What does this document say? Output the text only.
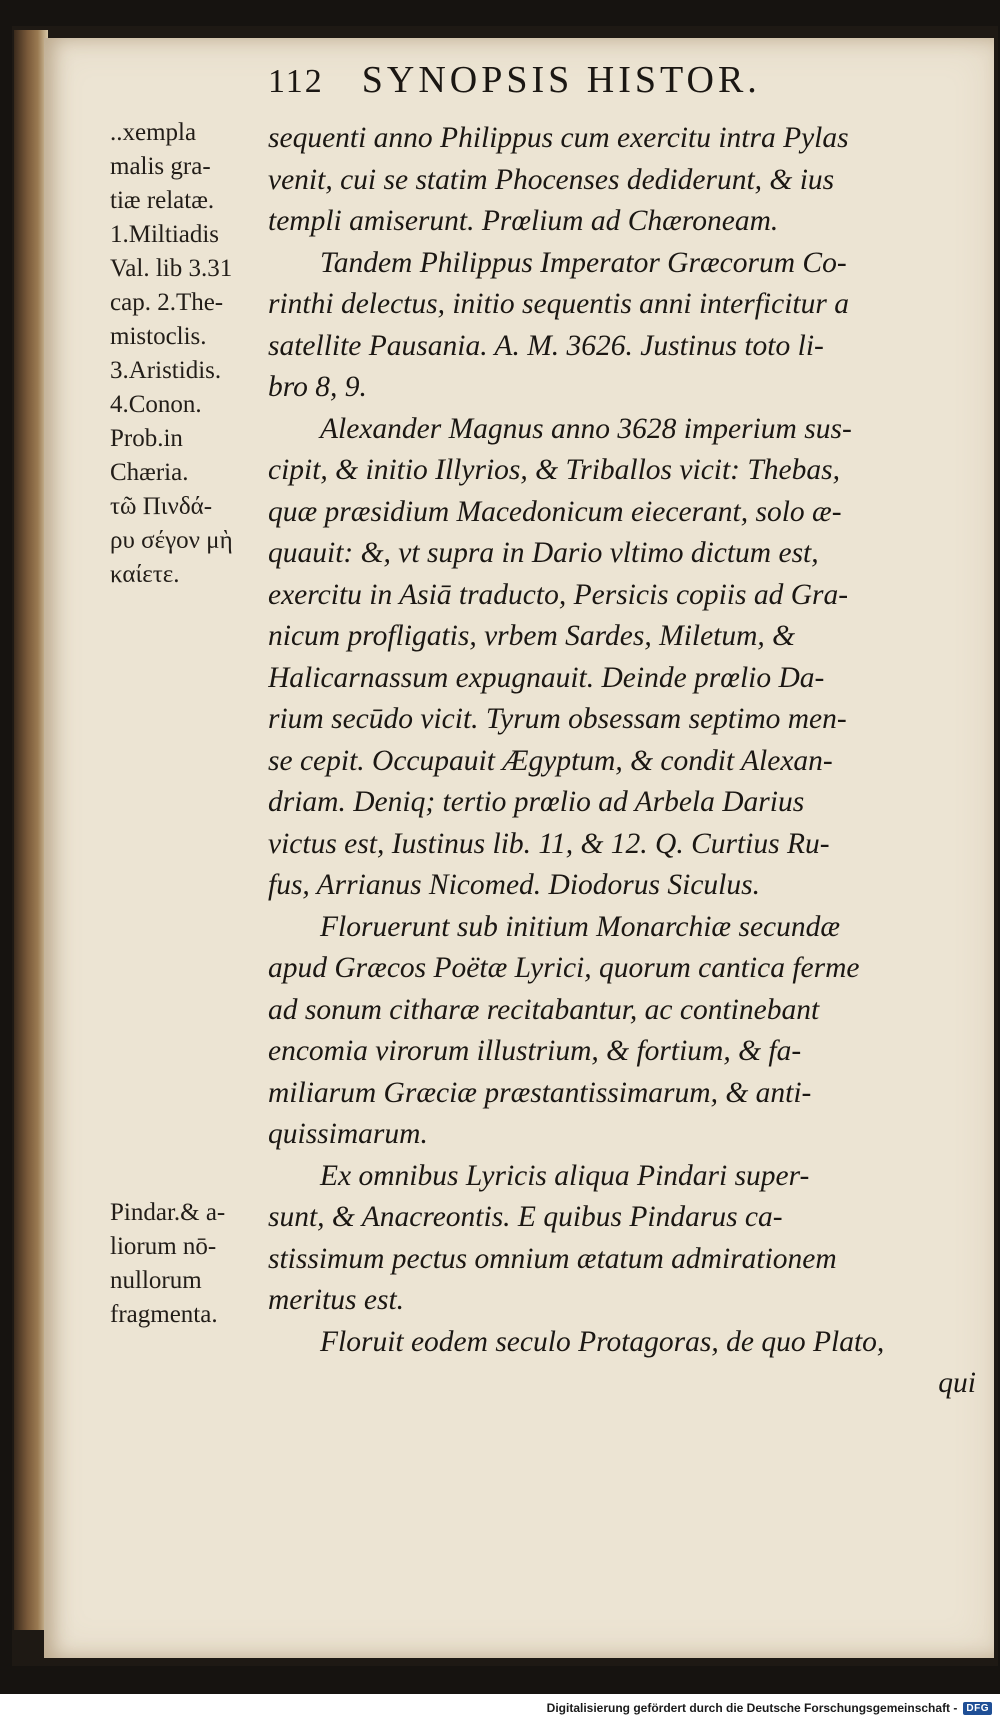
112 SYNOPSIS HISTOR.
..xempla
malis gra-
tiæ relatæ.
1.Miltiadis
Val. lib 3.31
cap. 2.The-
mistoclis.
3.Aristidis.
4.Conon.
Prob.in
Chæria.
τῶ Πινδά-
ρυ σέγον μὴ
καίετε.
Pindar.& a-
liorum nō-
nullorum
fragmenta.
sequenti anno Philippus cum exercitu intra Pylas
venit, cui se statim Phocenses dediderunt, & ius
templi amiserunt. Prœlium ad Chæroneam.
Tandem Philippus Imperator Græcorum Co-
rinthi delectus, initio sequentis anni interficitur a
satellite Pausania. A. M. 3626. Justinus toto li-
bro 8, 9.
Alexander Magnus anno 3628 imperium sus-
cipit, & initio Illyrios, & Triballos vicit: Thebas,
quæ præsidium Macedonicum eiecerant, solo æ-
quauit: &, vt supra in Dario vltimo dictum est,
exercitu in Asiā traducto, Persicis copiis ad Gra-
nicum profligatis, vrbem Sardes, Miletum, &
Halicarnassum expugnauit. Deinde prœlio Da-
rium secūdo vicit. Tyrum obsessam septimo men-
se cepit. Occupauit Ægyptum, & condit Alexan-
driam. Deniq; tertio prœlio ad Arbela Darius
victus est, Iustinus lib. 11, & 12. Q. Curtius Ru-
fus, Arrianus Nicomed. Diodorus Siculus.
Floruerunt sub initium Monarchiæ secundæ
apud Græcos Poëtæ Lyrici, quorum cantica ferme
ad sonum citharæ recitabantur, ac continebant
encomia virorum illustrium, & fortium, & fa-
miliarum Græciæ præstantissimarum, & anti-
quissimarum.
Ex omnibus Lyricis aliqua Pindari super-
sunt, & Anacreontis. E quibus Pindarus ca-
stissimum pectus omnium ætatum admirationem
meritus est.
Floruit eodem seculo Protagoras, de quo Plato,
qui
Digitalisierung gefördert durch die Deutsche Forschungsgemeinschaft - DFG
